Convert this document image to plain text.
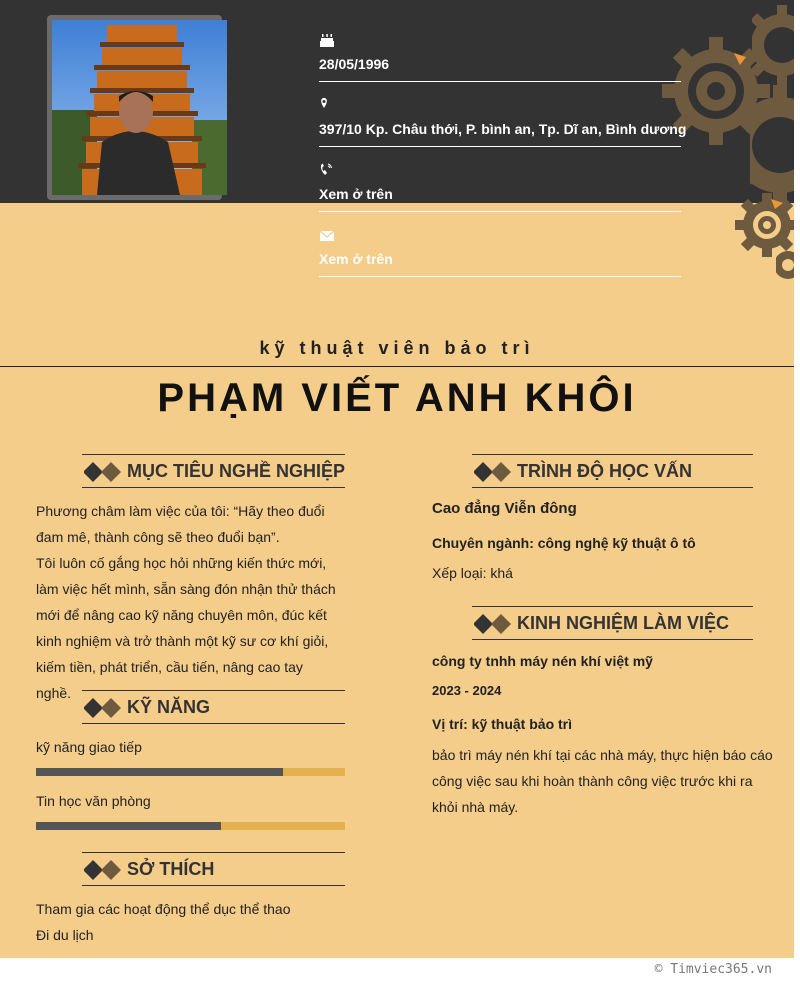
28/05/1996
397/10 Kp. Châu thới, P. bình an, Tp. Dĩ an, Bình dương
Xem ở trên
Xem ở trên
kỹ thuật viên bảo trì
PHẠM VIẾT ANH KHÔI
MỤC TIÊU NGHỀ NGHIỆP
Phương châm làm việc của tôi: “Hãy theo đuổi đam mê, thành công sẽ theo đuổi bạn”.
Tôi luôn cố gắng học hỏi những kiến thức mới, làm việc hết mình, sẵn sàng đón nhận thử thách mới để nâng cao kỹ năng chuyên môn, đúc kết kinh nghiệm và trở thành một kỹ sư cơ khí giỏi, kiếm tiền, phát triển, cầu tiến, nâng cao tay nghề.
KỸ NĂNG
kỹ năng giao tiếp
Tin học văn phòng
SỞ THÍCH
Tham gia các hoạt động thể dục thể thao
Đi du lịch
TRÌNH ĐỘ HỌC VẤN
Cao đẳng Viễn đông
Chuyên ngành: công nghệ kỹ thuật ô tô
Xếp loại: khá
KINH NGHIỆM LÀM VIỆC
công ty tnhh máy nén khí việt mỹ
2023 - 2024
Vị trí: kỹ thuật bảo trì
bảo trì máy nén khí tại các nhà máy, thực hiện báo cáo công việc sau khi hoàn thành công việc trước khi ra khỏi nhà máy.
© Timviec365.vn
